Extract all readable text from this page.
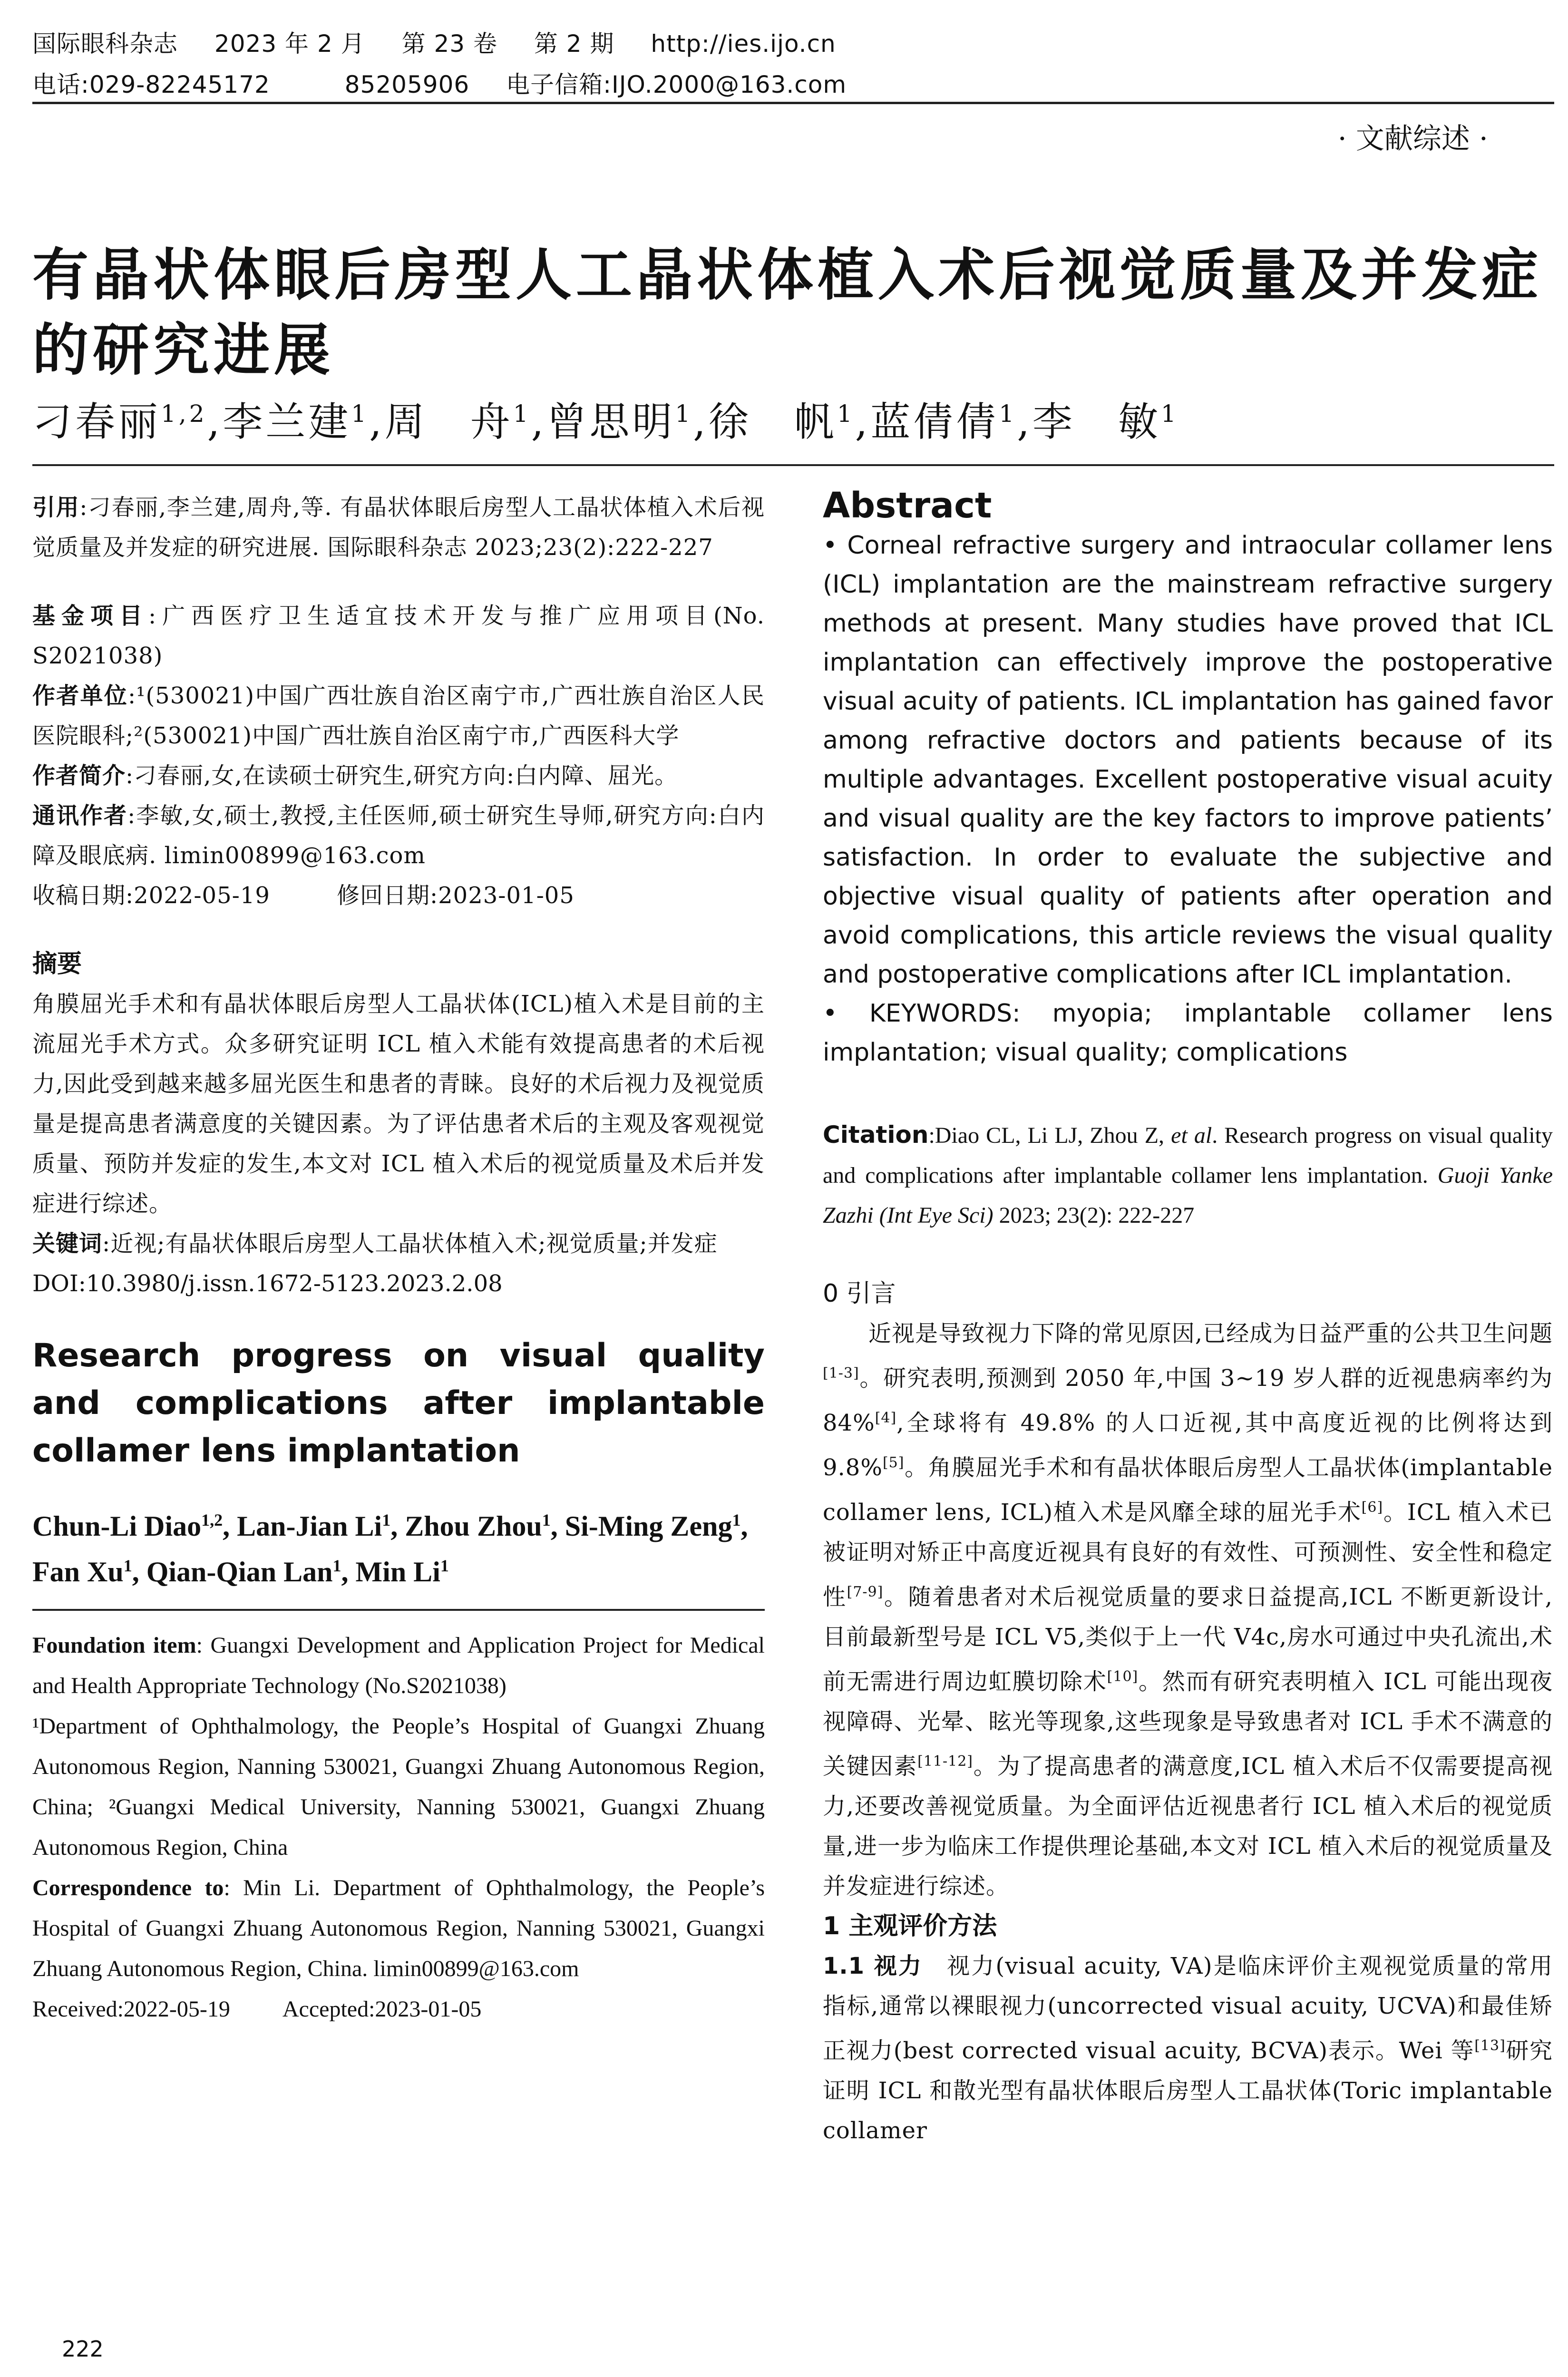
国际眼科杂志 2023 年 2 月 第 23 卷 第 2 期 http://ies.ijo.cn
电话:029-82245172	85205906 电子信箱:IJO.2000@163.com
· 文献综述 ·
有晶状体眼后房型人工晶状体植入术后视觉质量及并发症的研究进展
刁春丽$^{1,2}$,李兰建$^1$,周　舟$^1$,曾思明$^1$,徐　帆$^1$,蓝倩倩$^1$,李　敏$^1$

引用:刁春丽,李兰建,周舟,等. 有晶状体眼后房型人工晶状体植入术后视觉质量及并发症的研究进展. 国际眼科杂志 2023;23(2):222-227

基金项目:广西医疗卫生适宜技术开发与推广应用项目(No. S2021038)

作者单位:¹(530021)中国广西壮族自治区南宁市,广西壮族自治区人民医院眼科;²(530021)中国广西壮族自治区南宁市,广西医科大学

作者简介:刁春丽,女,在读硕士研究生,研究方向:白内障、屈光。

通讯作者:李敏,女,硕士,教授,主任医师,硕士研究生导师,研究方向:白内障及眼底病. limin00899@163.com

收稿日期:2022-05-19	修回日期:2023-01-05

摘要

角膜屈光手术和有晶状体眼后房型人工晶状体(ICL)植入术是目前的主流屈光手术方式。众多研究证明 ICL 植入术能有效提高患者的术后视力,因此受到越来越多屈光医生和患者的青睐。良好的术后视力及视觉质量是提高患者满意度的关键因素。为了评估患者术后的主观及客观视觉质量、预防并发症的发生,本文对 ICL 植入术后的视觉质量及术后并发症进行综述。

关键词:近视;有晶状体眼后房型人工晶状体植入术;视觉质量;并发症

DOI:10.3980/j.issn.1672-5123.2023.2.08

Research progress on visual quality and complications after implantable collamer lens implantation
Chun-Li Diao$^{1,2}$, Lan-Jian Li$^1$, Zhou Zhou$^1$, Si-Ming Zeng$^1$, Fan Xu$^1$, Qian-Qian Lan$^1$, Min Li$^1$

Foundation item: Guangxi Development and Application Project for Medical and Health Appropriate Technology (No.S2021038)

¹Department of Ophthalmology, the People’s Hospital of Guangxi Zhuang Autonomous Region, Nanning 530021, Guangxi Zhuang Autonomous Region, China; ²Guangxi Medical University, Nanning 530021, Guangxi Zhuang Autonomous Region, China

Correspondence to: Min Li. Department of Ophthalmology, the People’s Hospital of Guangxi Zhuang Autonomous Region, Nanning 530021, Guangxi Zhuang Autonomous Region, China. limin00899@163.com

Received:2022-05-19 Accepted:2023-01-05

Abstract

• Corneal refractive surgery and intraocular collamer lens (ICL) implantation are the mainstream refractive surgery methods at present. Many studies have proved that ICL implantation can effectively improve the postoperative visual acuity of patients. ICL implantation has gained favor among refractive doctors and patients because of its multiple advantages. Excellent postoperative visual acuity and visual quality are the key factors to improve patients’ satisfaction. In order to evaluate the subjective and objective visual quality of patients after operation and avoid complications, this article reviews the visual quality and postoperative complications after ICL implantation.

• KEYWORDS: myopia; implantable collamer lens implantation; visual quality; complications

Citation:Diao CL, Li LJ, Zhou Z, et al. Research progress on visual quality and complications after implantable collamer lens implantation. Guoji Yanke Zazhi (Int Eye Sci) 2023; 23(2): 222-227

0 引言

近视是导致视力下降的常见原因,已经成为日益严重的公共卫生问题[1-3]。研究表明,预测到 2050 年,中国 3~19 岁人群的近视患病率约为 84%[4],全球将有 49.8% 的人口近视,其中高度近视的比例将达到 9.8%[5]。角膜屈光手术和有晶状体眼后房型人工晶状体(implantable collamer lens, ICL)植入术是风靡全球的屈光手术[6]。ICL 植入术已被证明对矫正中高度近视具有良好的有效性、可预测性、安全性和稳定性[7-9]。随着患者对术后视觉质量的要求日益提高,ICL 不断更新设计,目前最新型号是 ICL V5,类似于上一代 V4c,房水可通过中央孔流出,术前无需进行周边虹膜切除术[10]。然而有研究表明植入 ICL 可能出现夜视障碍、光晕、眩光等现象,这些现象是导致患者对 ICL 手术不满意的关键因素[11-12]。为了提高患者的满意度,ICL 植入术后不仅需要提高视力,还要改善视觉质量。为全面评估近视患者行 ICL 植入术后的视觉质量,进一步为临床工作提供理论基础,本文对 ICL 植入术后的视觉质量及并发症进行综述。

1 主观评价方法

1.1 视力　视力(visual acuity, VA)是临床评价主观视觉质量的常用指标,通常以裸眼视力(uncorrected visual acuity, UCVA)和最佳矫正视力(best corrected visual acuity, BCVA)表示。Wei 等[13]研究证明 ICL 和散光型有晶状体眼后房型人工晶状体(Toric implantable collamer

222
